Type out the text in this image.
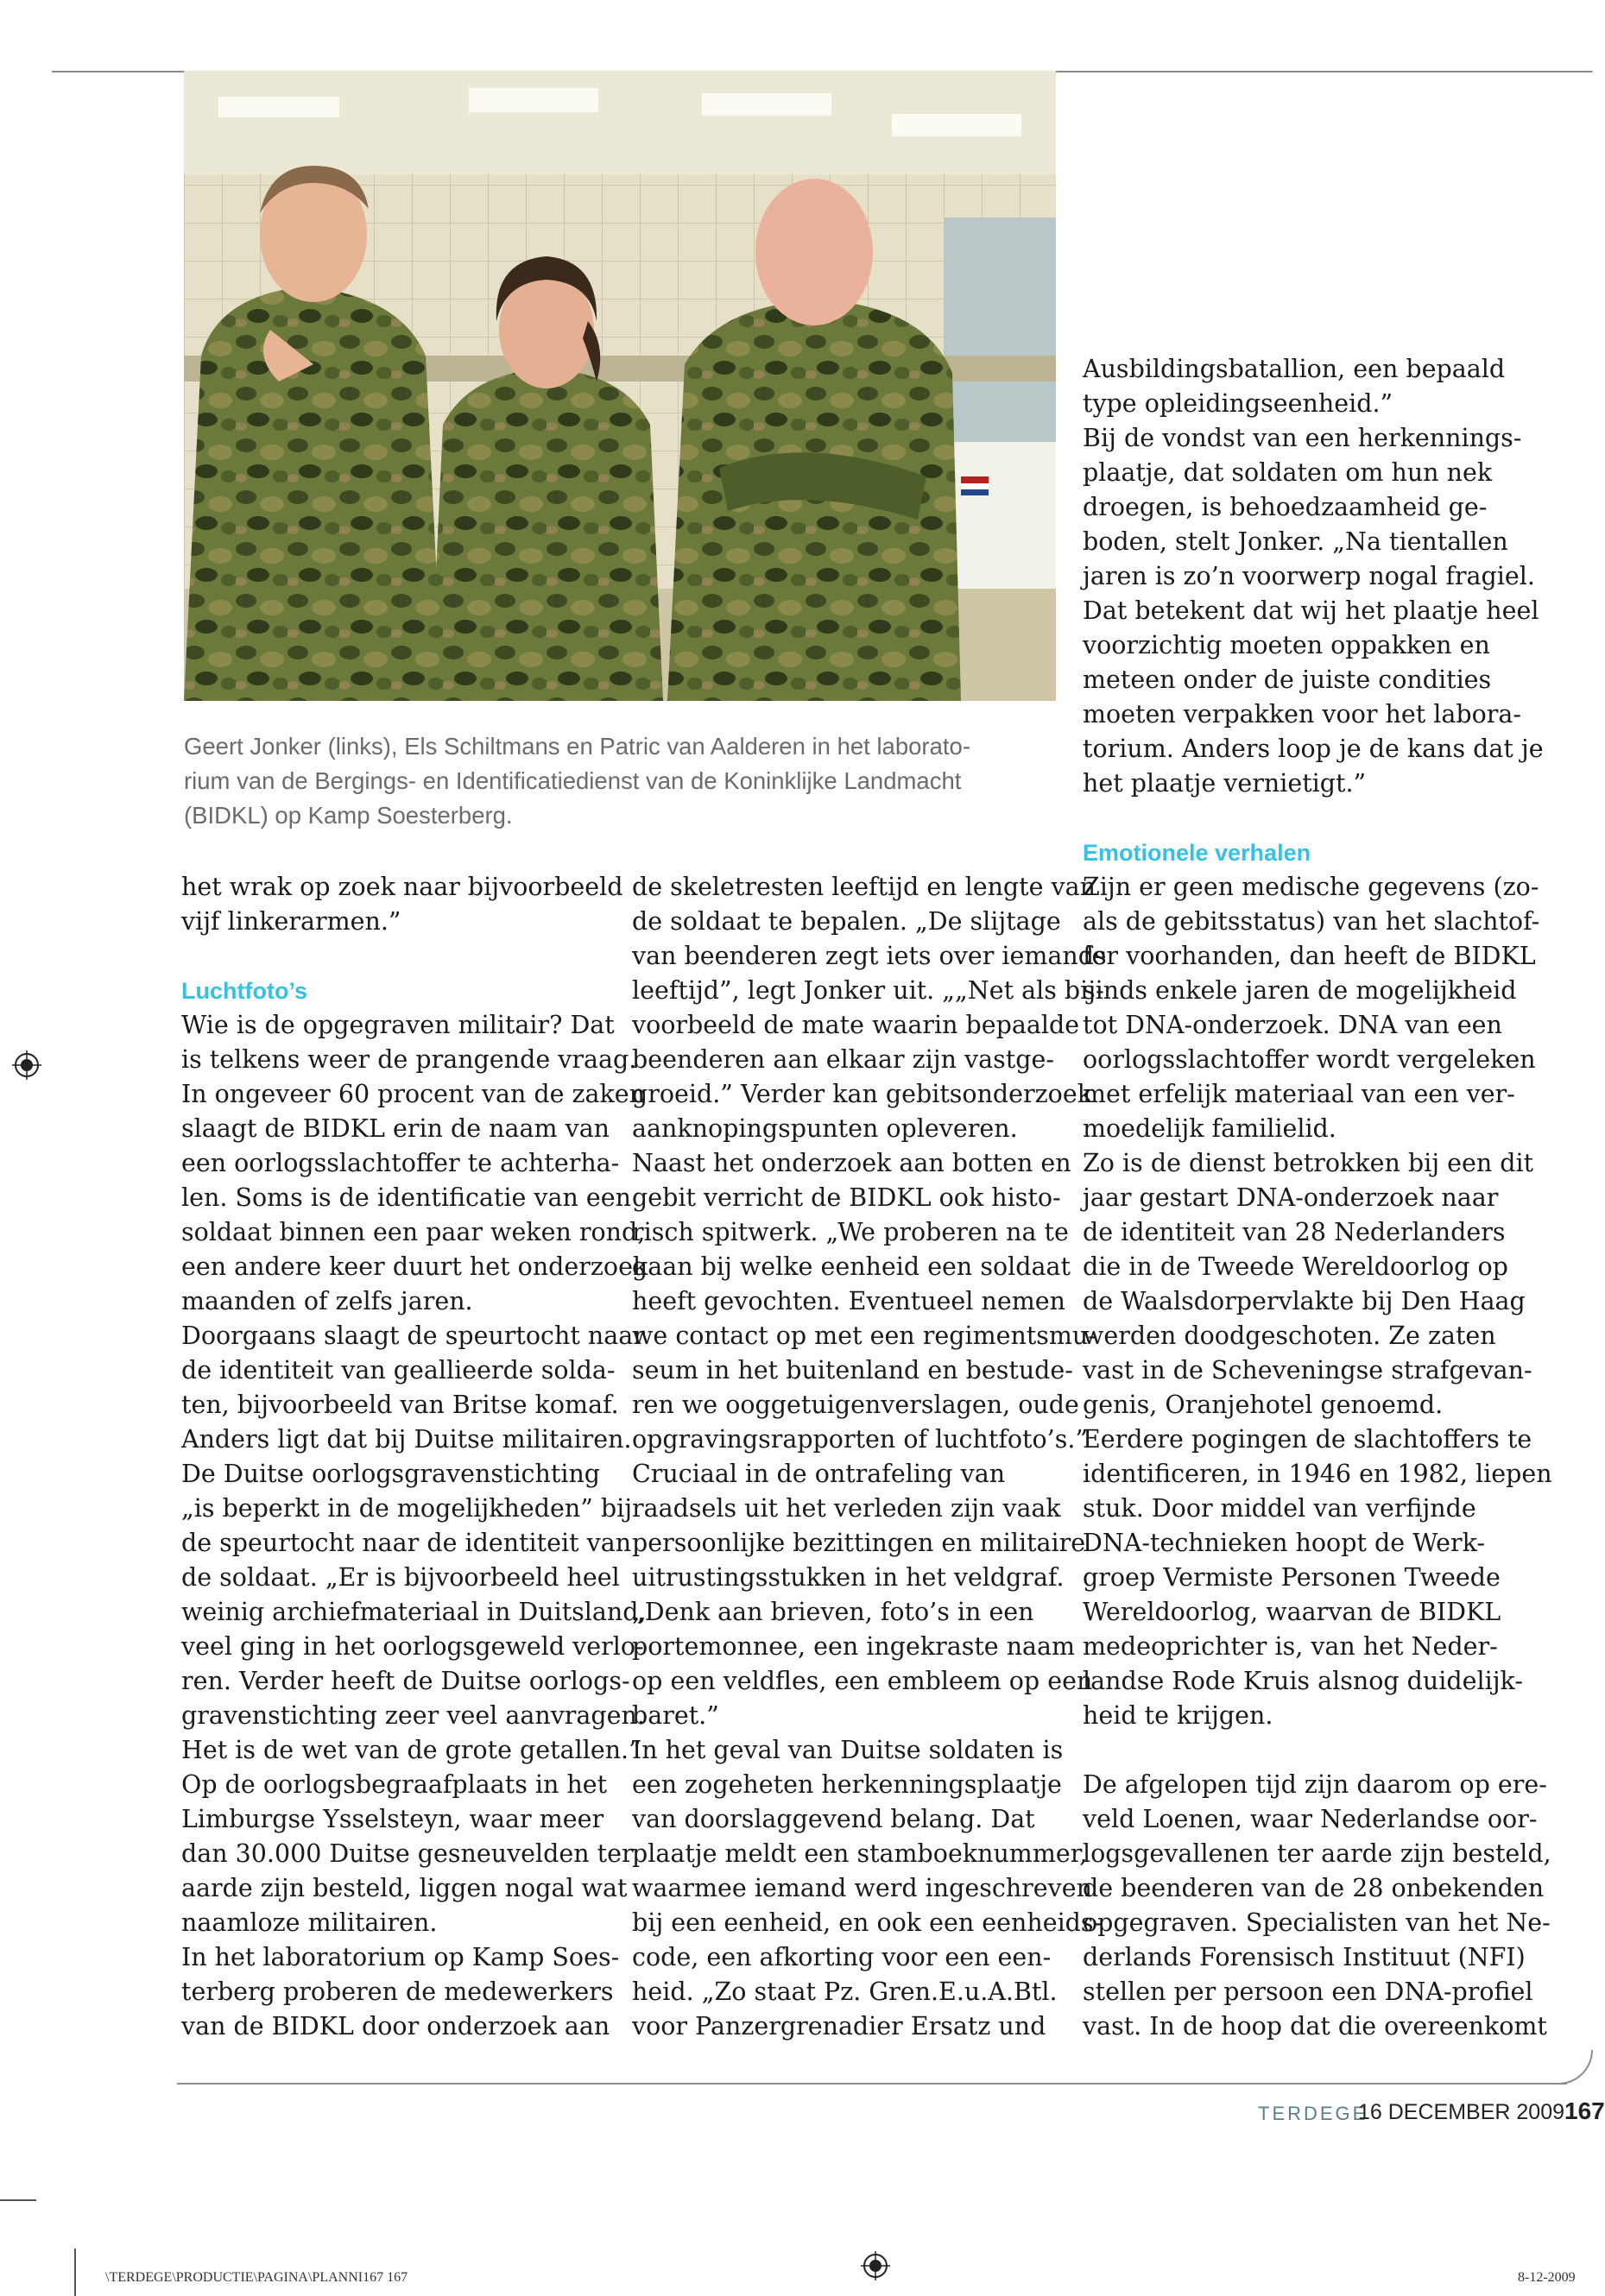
Geert Jonker (links), Els Schiltmans en Patric van Aalderen in het laborato-
rium van de Bergings- en Identificatiedienst van de Koninklijke Landmacht
(BIDKL) op Kamp Soesterberg.

het wrak op zoek naar bijvoorbeeld

vijf linkerarmen.”

Luchtfoto’s

Wie is de opgegraven militair? Dat

is telkens weer de prangende vraag.

In ongeveer 60 procent van de zaken

slaagt de BIDKL erin de naam van

een oorlogsslachtoffer te achterha-

len. Soms is de identificatie van een

soldaat binnen een paar weken rond,

een andere keer duurt het onderzoek

maanden of zelfs jaren.

Doorgaans slaagt de speurtocht naar

de identiteit van geallieerde solda-

ten, bijvoorbeeld van Britse komaf.

Anders ligt dat bij Duitse militairen.

De Duitse oorlogsgravenstichting

„is beperkt in de mogelijkheden” bij

de speurtocht naar de identiteit van

de soldaat. „Er is bijvoorbeeld heel

weinig archiefmateriaal in Duitsland,

veel ging in het oorlogsgeweld verlo-

ren. Verder heeft de Duitse oorlogs-

gravenstichting zeer veel aanvragen.

Het is de wet van de grote getallen.”

Op de oorlogsbegraafplaats in het

Limburgse Ysselsteyn, waar meer

dan 30.000 Duitse gesneuvelden ter

aarde zijn besteld, liggen nogal wat

naamloze militairen.

In het laboratorium op Kamp Soes-

terberg proberen de medewerkers

van de BIDKL door onderzoek aan

de skeletresten leeftijd en lengte van

de soldaat te bepalen. „De slijtage

van beenderen zegt iets over iemands

leeftijd”, legt Jonker uit. „„Net als bij-

voorbeeld de mate waarin bepaalde

beenderen aan elkaar zijn vastge-

groeid.” Verder kan gebitsonderzoek

aanknopingspunten opleveren.

Naast het onderzoek aan botten en

gebit verricht de BIDKL ook histo-

risch spitwerk. „We proberen na te

gaan bij welke eenheid een soldaat

heeft gevochten. Eventueel nemen

we contact op met een regimentsmu-

seum in het buitenland en bestude-

ren we ooggetuigenverslagen, oude

opgravingsrapporten of luchtfoto’s.”

Cruciaal in de ontrafeling van

raadsels uit het verleden zijn vaak

persoonlijke bezittingen en militaire

uitrustingsstukken in het veldgraf.

„Denk aan brieven, foto’s in een

portemonnee, een ingekraste naam

op een veldfles, een embleem op een

baret.”

In het geval van Duitse soldaten is

een zogeheten herkenningsplaatje

van doorslaggevend belang. Dat

plaatje meldt een stamboeknummer,

waarmee iemand werd ingeschreven

bij een eenheid, en ook een eenheids-

code, een afkorting voor een een-

heid. „Zo staat Pz. Gren.E.u.A.Btl.

voor Panzergrenadier Ersatz und

Ausbildingsbatallion, een bepaald

type opleidingseenheid.”

Bij de vondst van een herkennings-

plaatje, dat soldaten om hun nek

droegen, is behoedzaamheid ge-

boden, stelt Jonker. „Na tientallen

jaren is zo’n voorwerp nogal fragiel.

Dat betekent dat wij het plaatje heel

voorzichtig moeten oppakken en

meteen onder de juiste condities

moeten verpakken voor het labora-

torium. Anders loop je de kans dat je

het plaatje vernietigt.”

Emotionele verhalen

Zijn er geen medische gegevens (zo-

als de gebitsstatus) van het slachtof-

fer voorhanden, dan heeft de BIDKL

sinds enkele jaren de mogelijkheid

tot DNA-onderzoek. DNA van een

oorlogsslachtoffer wordt vergeleken

met erfelijk materiaal van een ver-

moedelijk familielid.

Zo is de dienst betrokken bij een dit

jaar gestart DNA-onderzoek naar

de identiteit van 28 Nederlanders

die in de Tweede Wereldoorlog op

de Waalsdorpervlakte bij Den Haag

werden doodgeschoten. Ze zaten

vast in de Scheveningse strafgevan-

genis, Oranjehotel genoemd.

Eerdere pogingen de slachtoffers te

identificeren, in 1946 en 1982, liepen

stuk. Door middel van verfijnde

DNA-technieken hoopt de Werk-

groep Vermiste Personen Tweede

Wereldoorlog, waarvan de BIDKL

medeoprichter is, van het Neder-

landse Rode Kruis alsnog duidelijk-

heid te krijgen.

De afgelopen tijd zijn daarom op ere-

veld Loenen, waar Nederlandse oor-

logsgevallenen ter aarde zijn besteld,

de beenderen van de 28 onbekenden

opgegraven. Specialisten van het Ne-

derlands Forensisch Instituut (NFI)

stellen per persoon een DNA-profiel

vast. In de hoop dat die overeenkomt

TERDEGE
16 DECEMBER 2009 167
\TERDEGE\PRODUCTIE\PAGINA\PLANNI167 167	8-12-2009
